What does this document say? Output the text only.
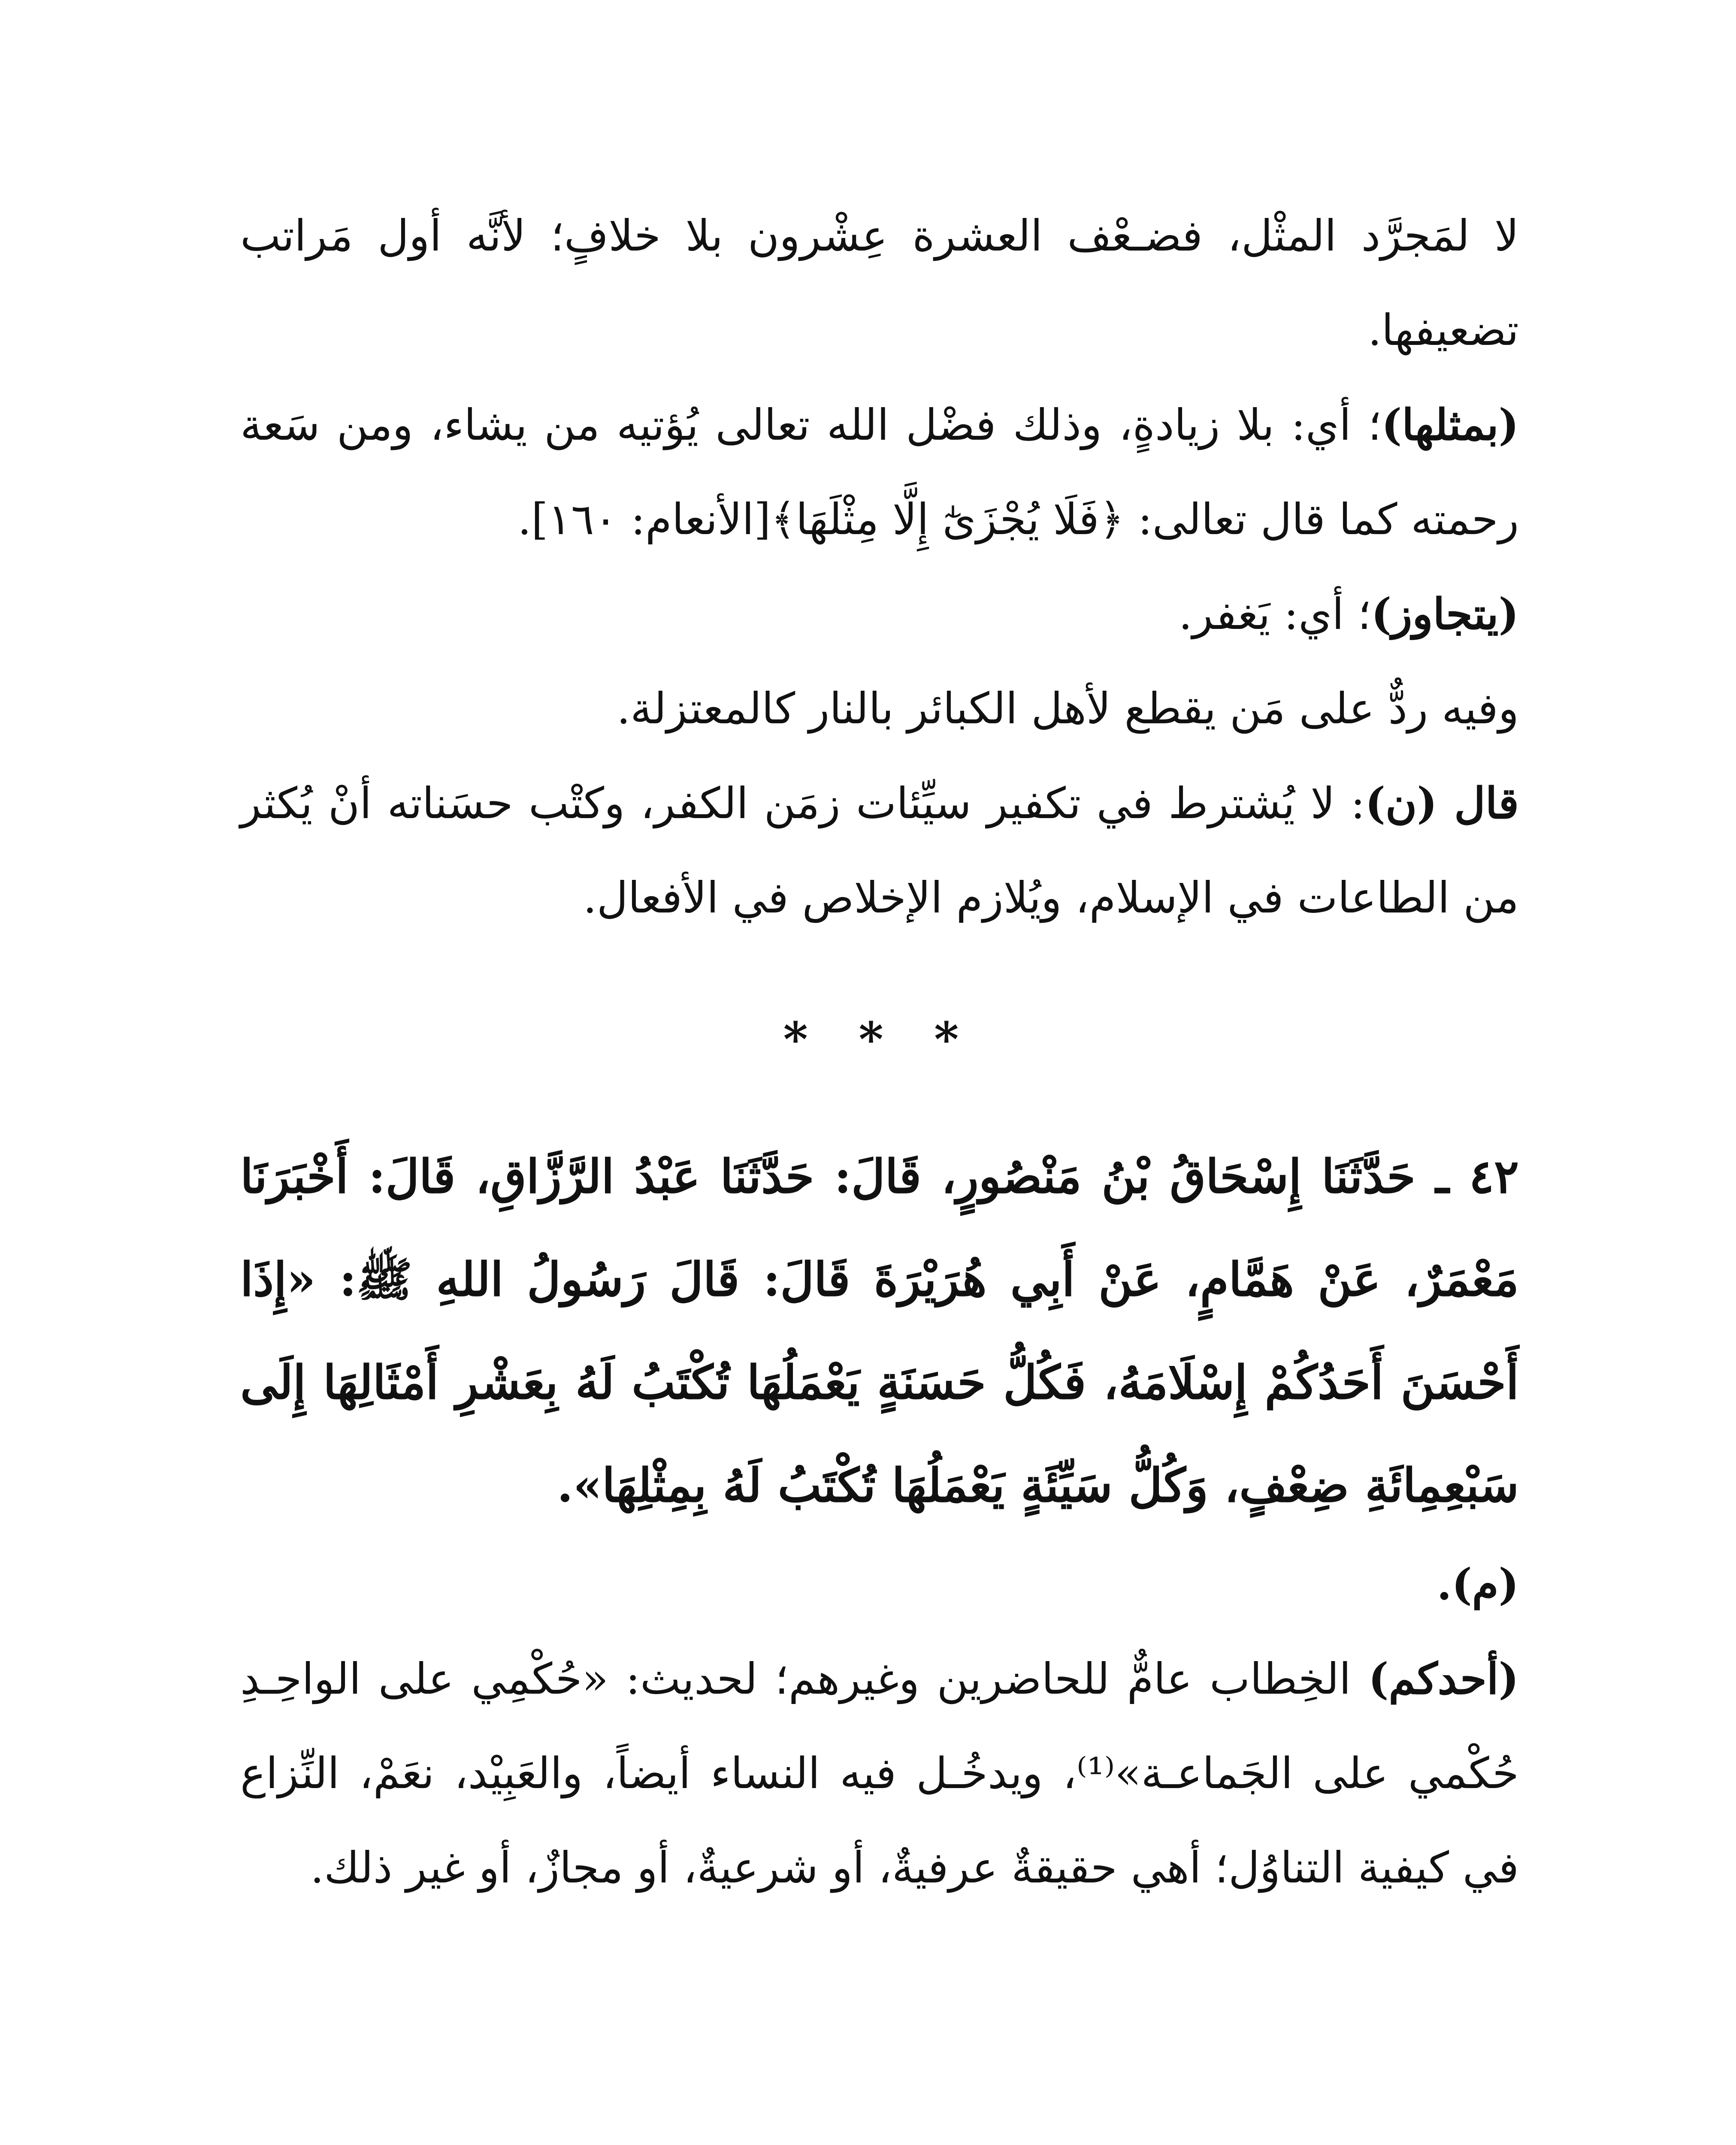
لا لمَجرَّد المثْل، فضـعْف العشرة عِشْرون بلا خلافٍ؛ لأنَّه أول مَراتب تضعيفها.

(بمثلها)؛ أي: بلا زيادةٍ، وذلك فضْل الله تعالى يُؤتيه من يشاء، ومن سَعة رحمته كما قال تعالى: ﴿فَلَا يُجْزَىٰٓ إِلَّا مِثْلَهَا﴾[الأنعام: ١٦٠].

(يتجاوز)؛ أي: يَغفر.

وفيه ردٌّ على مَن يقطع لأهل الكبائر بالنار كالمعتزلة.

قال (ن): لا يُشترط في تكفير سيِّئات زمَن الكفر، وكتْب حسَناته أنْ يُكثر من الطاعات في الإسلام، ويُلازم الإخلاص في الأفعال.

* * *

٤٢ ـ حَدَّثَنَا إِسْحَاقُ بْنُ مَنْصُورٍ، قَالَ: حَدَّثَنَا عَبْدُ الرَّزَّاقِ، قَالَ: أَخْبَرَنَا مَعْمَرٌ، عَنْ هَمَّامٍ، عَنْ أَبِي هُرَيْرَةَ قَالَ: قَالَ رَسُولُ اللهِ ﷺ: «إِذَا أَحْسَنَ أَحَدُكُمْ إِسْلَامَهُ، فَكُلُّ حَسَنَةٍ يَعْمَلُهَا تُكْتَبُ لَهُ بِعَشْرِ أَمْثَالِهَا إِلَى سَبْعِمِائَةِ ضِعْفٍ، وَكُلُّ سَيِّئَةٍ يَعْمَلُهَا تُكْتَبُ لَهُ بِمِثْلِهَا».

(م).

(أحدكم) الخِطاب عامٌّ للحاضرين وغيرهم؛ لحديث: «حُكْمِي على الواحِـدِ حُكْمي على الجَماعـة»⁽¹⁾، ويدخُـل فيه النساء أيضاً، والعَبِيْد، نعَمْ، النِّزاع في كيفية التناوُل؛ أهي حقيقةٌ عرفيةٌ، أو شرعيةٌ، أو مجازٌ، أو غير ذلك.
